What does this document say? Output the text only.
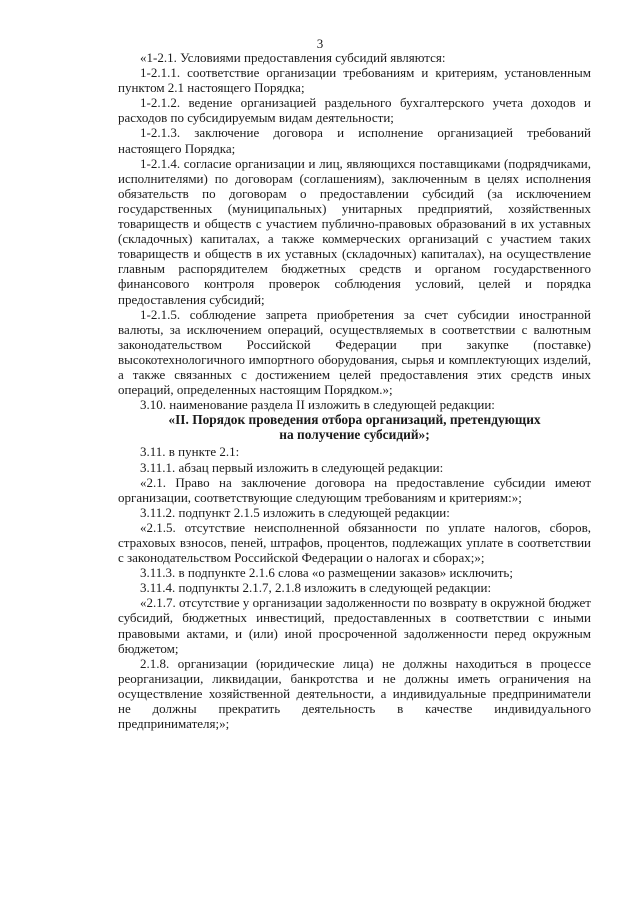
3

«1-2.1. Условиями предоставления субсидий являются:

1-2.1.1. соответствие организации требованиям и критериям, установленным пунктом 2.1 настоящего Порядка;

1-2.1.2. ведение организацией раздельного бухгалтерского учета доходов и расходов по субсидируемым видам деятельности;

1-2.1.3. заключение договора и исполнение организацией требований настоящего Порядка;

1-2.1.4. согласие организации и лиц, являющихся поставщиками (подрядчиками, исполнителями) по договорам (соглашениям), заключенным в целях исполнения обязательств по договорам о предоставлении субсидий (за исключением государственных (муниципальных) унитарных предприятий, хозяйственных товариществ и обществ с участием публично-правовых образований в их уставных (складочных) капиталах, а также коммерческих организаций с участием таких товариществ и обществ в их уставных (складочных) капиталах), на осуществление главным распорядителем бюджетных средств и органом государственного финансового контроля проверок соблюдения условий, целей и порядка предоставления субсидий;

1-2.1.5. соблюдение запрета приобретения за счет субсидии иностранной валюты, за исключением операций, осуществляемых в соответствии с валютным законодательством Российской Федерации при закупке (поставке) высокотехнологичного импортного оборудования, сырья и комплектующих изделий, а также связанных с достижением целей предоставления этих средств иных операций, определенных настоящим Порядком.»;

3.10. наименование раздела II изложить в следующей редакции:

«II. Порядок проведения отбора организаций, претендующих
на получение субсидий»;

3.11. в пункте 2.1:

3.11.1. абзац первый изложить в следующей редакции:

«2.1. Право на заключение договора на предоставление субсидии имеют организации, соответствующие следующим требованиям и критериям:»;

3.11.2. подпункт 2.1.5 изложить в следующей редакции:

«2.1.5. отсутствие неисполненной обязанности по уплате налогов, сборов, страховых взносов, пеней, штрафов, процентов, подлежащих уплате в соответствии с законодательством Российской Федерации о налогах и сборах;»;

3.11.3. в подпункте 2.1.6 слова «о размещении заказов» исключить;

3.11.4. подпункты 2.1.7, 2.1.8 изложить в следующей редакции:

«2.1.7. отсутствие у организации задолженности по возврату в окружной бюджет субсидий, бюджетных инвестиций, предоставленных в соответствии с иными правовыми актами, и (или) иной просроченной задолженности перед окружным бюджетом;

2.1.8. организации (юридические лица) не должны находиться в процессе реорганизации, ликвидации, банкротства и не должны иметь ограничения на осуществление хозяйственной деятельности, а индивидуальные предприниматели не должны прекратить деятельность в качестве индивидуального предпринимателя;»;
